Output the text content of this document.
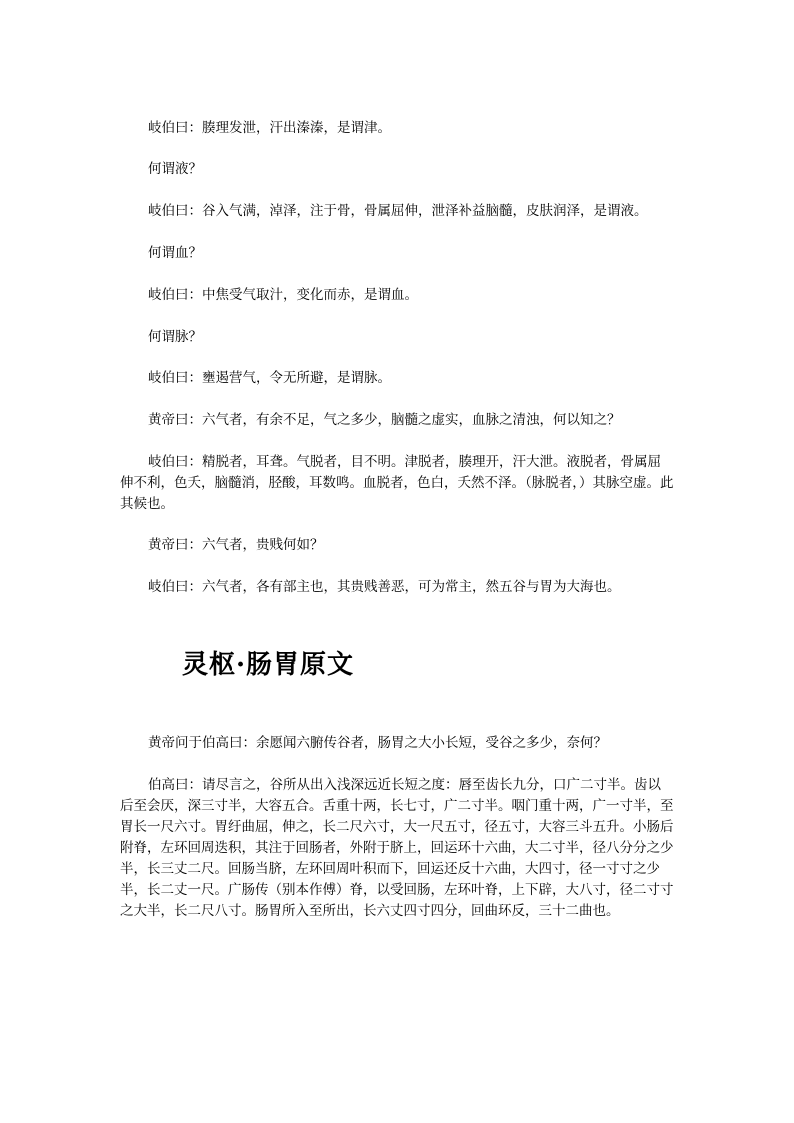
岐伯曰：腠理发泄，汗出溱溱，是谓津。

何谓液？

岐伯曰：谷入气满，淖泽，注于骨，骨属屈伸，泄泽补益脑髓，皮肤润泽，是谓液。

何谓血？

岐伯曰：中焦受气取汁，变化而赤，是谓血。

何谓脉？

岐伯曰：壅遏营气，令无所避，是谓脉。

黄帝曰：六气者，有余不足，气之多少，脑髓之虚实，血脉之清浊，何以知之？

岐伯曰：精脱者，耳聋。气脱者，目不明。津脱者，腠理开，汗大泄。液脱者，骨属屈伸不利，色夭，脑髓消，胫酸，耳数鸣。血脱者，色白，夭然不泽。（脉脱者，）其脉空虚。此其候也。

黄帝曰：六气者，贵贱何如？

岐伯曰：六气者，各有部主也，其贵贱善恶，可为常主，然五谷与胃为大海也。

灵枢·肠胃原文

黄帝问于伯高曰：余愿闻六腑传谷者，肠胃之大小长短，受谷之多少，奈何？

伯高曰：请尽言之，谷所从出入浅深远近长短之度：唇至齿长九分，口广二寸半。齿以后至会厌，深三寸半，大容五合。舌重十两，长七寸，广二寸半。咽门重十两，广一寸半，至胃长一尺六寸。胃纡曲屈，伸之，长二尺六寸，大一尺五寸，径五寸，大容三斗五升。小肠后附脊，左环回周迭积，其注于回肠者，外附于脐上，回运环十六曲，大二寸半，径八分分之少半，长三丈二尺。回肠当脐，左环回周叶积而下，回运还反十六曲，大四寸，径一寸寸之少半，长二丈一尺。广肠传（别本作傅）脊，以受回肠，左环叶脊，上下辟，大八寸，径二寸寸之大半，长二尺八寸。肠胃所入至所出，长六丈四寸四分，回曲环反，三十二曲也。
